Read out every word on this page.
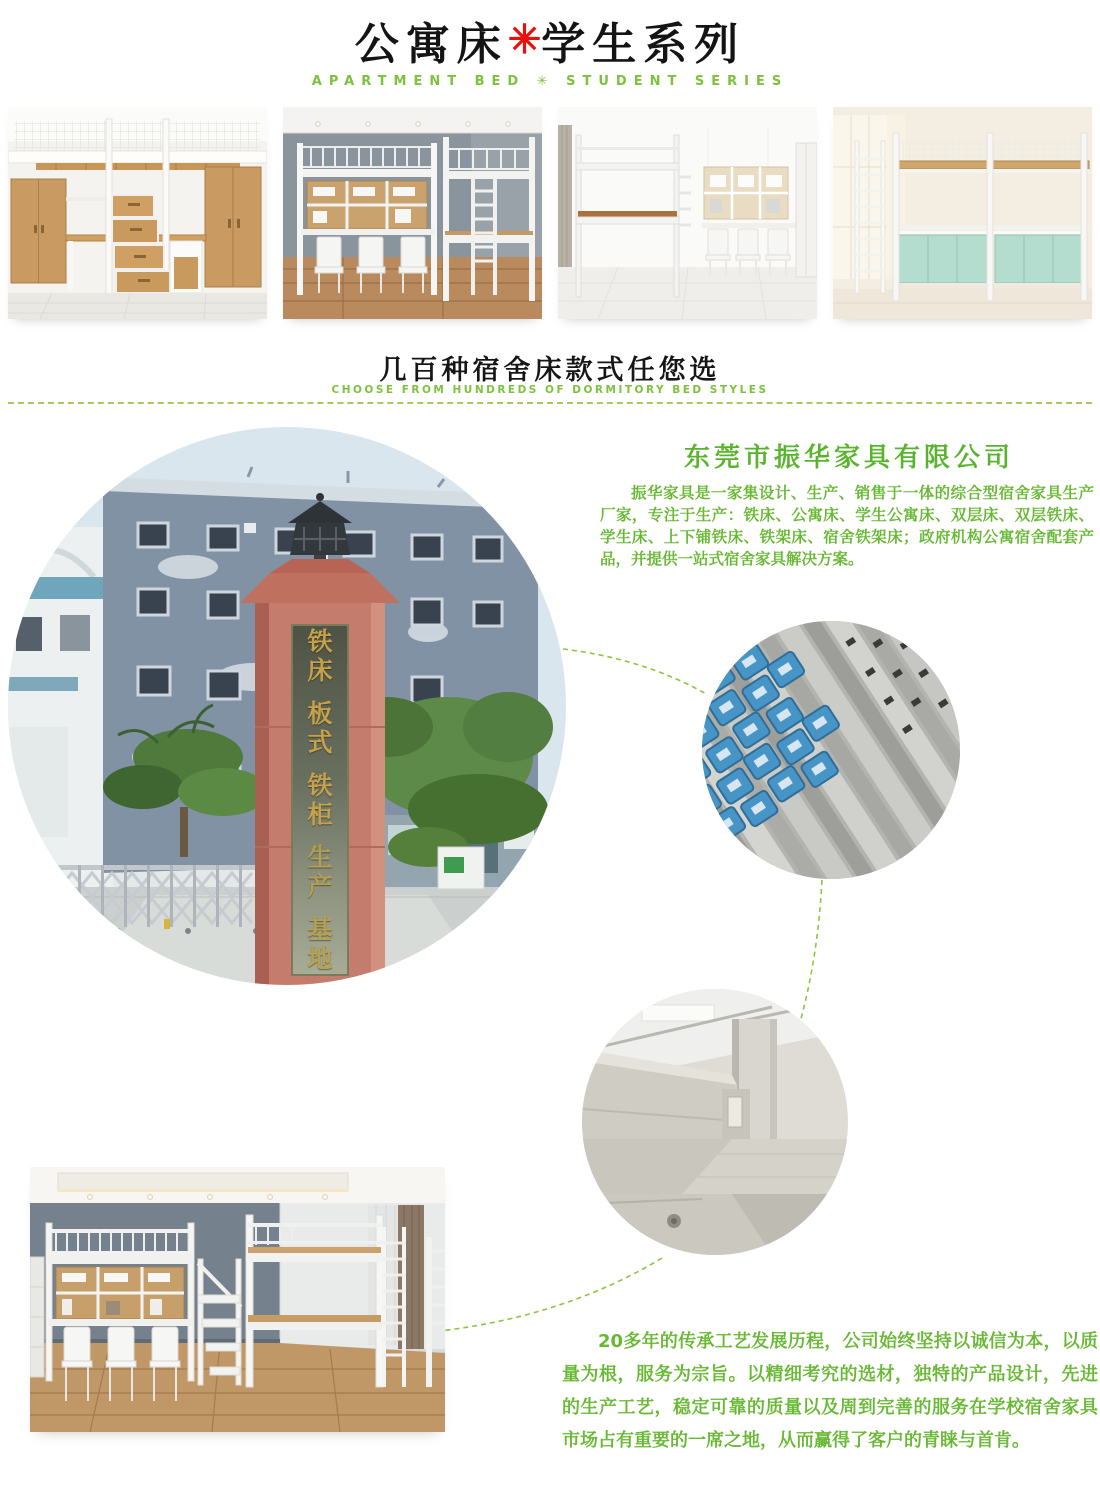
公寓床✳学生系列
APARTMENT BED ✳ STUDENT SERIES
几百种宿舍床款式任您选
CHOOSE FROM HUNDREDS OF DORMITORY BED STYLES
铁床
板式
铁柜
生产
基地
东莞市振华家具有限公司
振华家具是一家集设计、生产、销售于一体的综合型宿舍家具生产厂家，专注于生产：铁床、公寓床、学生公寓床、双层床、双层铁床、学生床、上下铺铁床、铁架床、宿舍铁架床；政府机构公寓宿舍配套产品，并提供一站式宿舍家具解决方案。
20多年的传承工艺发展历程，公司始终坚持以诚信为本，以质量为根，服务为宗旨。以精细考究的选材，独特的产品设计，先进的生产工艺，稳定可靠的质量以及周到完善的服务在学校宿舍家具市场占有重要的一席之地，从而赢得了客户的青睐与首肯。
